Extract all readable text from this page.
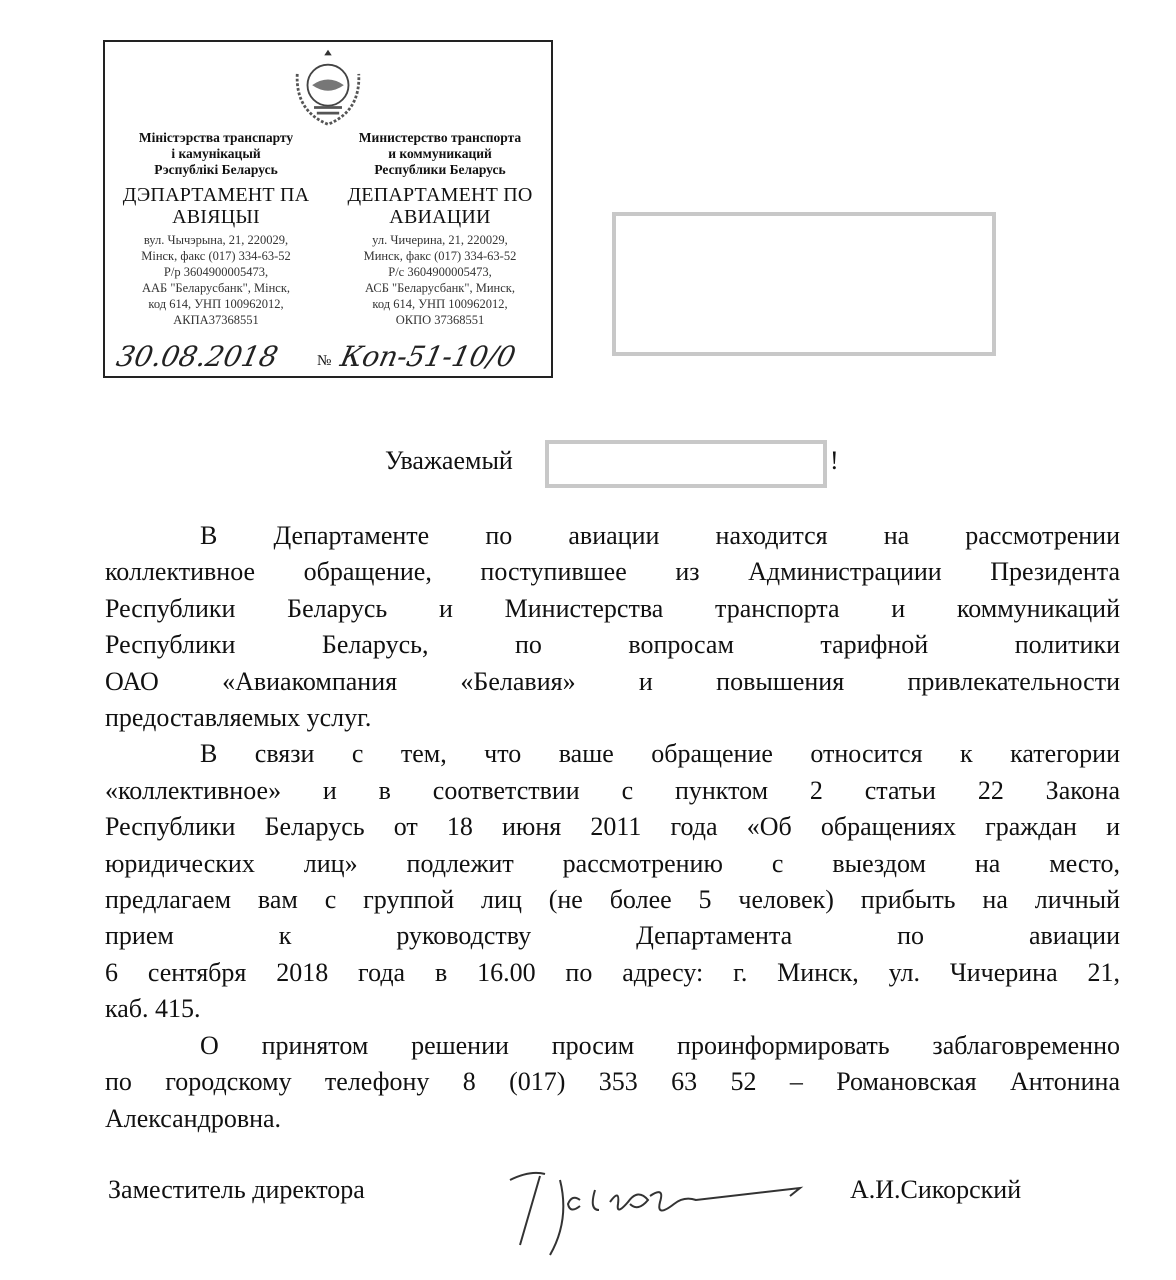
Міністэрства транспарту
і камунікацый
Рэспублікі Беларусь
ДЭПАРТАМЕНТ ПА
АВІЯЦЫІ
вул. Чычэрына, 21, 220029,
Мінск, факс (017) 334-63-52
Р/р 3604900005473,
ААБ "Беларусбанк", Мінск,
код 614, УНП 100962012,
АКПА37368551
Министерство транспорта
и коммуникаций
Республики Беларусь
ДЕПАРТАМЕНТ ПО
АВИАЦИИ
ул. Чичерина, 21, 220029,
Минск, факс (017) 334-63-52
Р/с 3604900005473,
АСБ "Беларусбанк", Минск,
код 614, УНП 100962012,
ОКПО 37368551
30.08.2018 № Коп-51-10/0
Уважаемый	!
В Департаменте по авиации находится на рассмотрении
коллективное обращение, поступившее из Администрациии Президента
Республики Беларусь и Министерства транспорта и коммуникаций
Республики Беларусь, по вопросам тарифной политики
ОАО «Авиакомпания «Белавия» и повышения привлекательности
предоставляемых услуг.
В связи с тем, что ваше обращение относится к категории
«коллективное» и в соответствии с пунктом 2 статьи 22 Закона
Республики Беларусь от 18 июня 2011 года «Об обращениях граждан и
юридических лиц» подлежит рассмотрению с выездом на место,
предлагаем вам с группой лиц (не более 5 человек) прибыть на личный
прием к руководству Департамента по авиации
6 сентября 2018 года в 16.00 по адресу: г. Минск, ул. Чичерина 21,
каб. 415.
О принятом решении просим проинформировать заблаговременно
по городскому телефону 8 (017) 353 63 52 – Романовская Антонина
Александровна.
Заместитель директора	А.И.Сикорский
